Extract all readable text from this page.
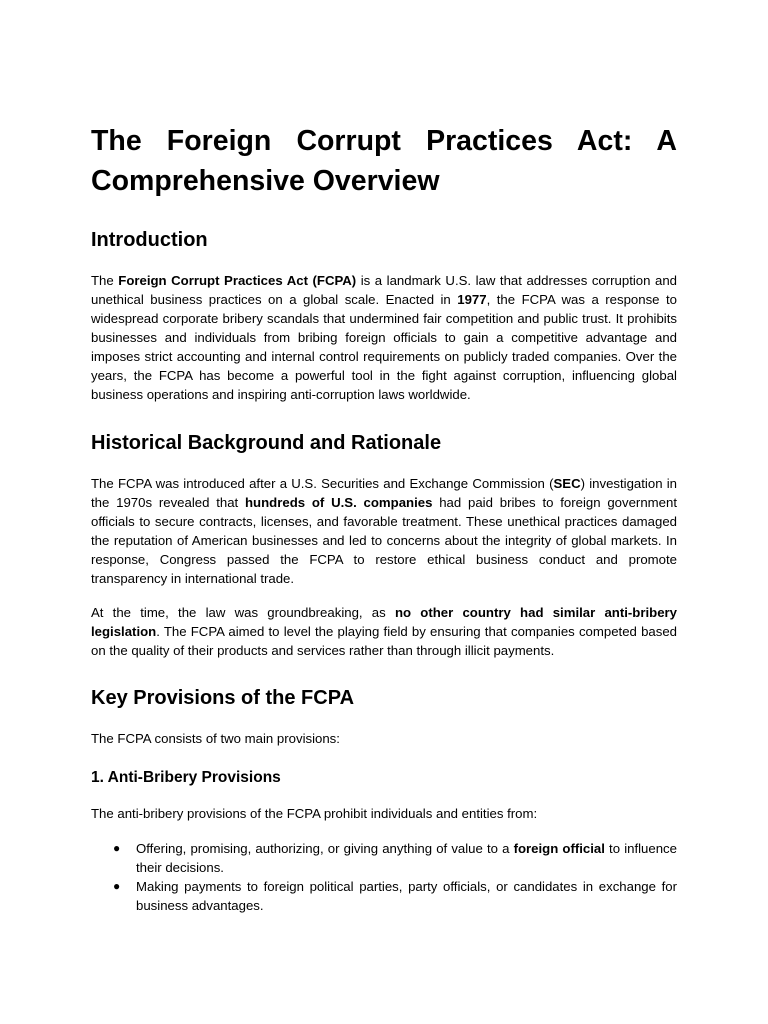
The Foreign Corrupt Practices Act: A Comprehensive Overview
Introduction

The Foreign Corrupt Practices Act (FCPA) is a landmark U.S. law that addresses corruption and unethical business practices on a global scale. Enacted in 1977, the FCPA was a response to widespread corporate bribery scandals that undermined fair competition and public trust. It prohibits businesses and individuals from bribing foreign officials to gain a competitive advantage and imposes strict accounting and internal control requirements on publicly traded companies. Over the years, the FCPA has become a powerful tool in the fight against corruption, influencing global business operations and inspiring anti-corruption laws worldwide.

Historical Background and Rationale

The FCPA was introduced after a U.S. Securities and Exchange Commission (SEC) investigation in the 1970s revealed that hundreds of U.S. companies had paid bribes to foreign government officials to secure contracts, licenses, and favorable treatment. These unethical practices damaged the reputation of American businesses and led to concerns about the integrity of global markets. In response, Congress passed the FCPA to restore ethical business conduct and promote transparency in international trade.

At the time, the law was groundbreaking, as no other country had similar anti-bribery legislation. The FCPA aimed to level the playing field by ensuring that companies competed based on the quality of their products and services rather than through illicit payments.

Key Provisions of the FCPA

The FCPA consists of two main provisions:

1. Anti-Bribery Provisions

The anti-bribery provisions of the FCPA prohibit individuals and entities from:

● Offering, promising, authorizing, or giving anything of value to a foreign official to influence their decisions.
● Making payments to foreign political parties, party officials, or candidates in exchange for business advantages.
